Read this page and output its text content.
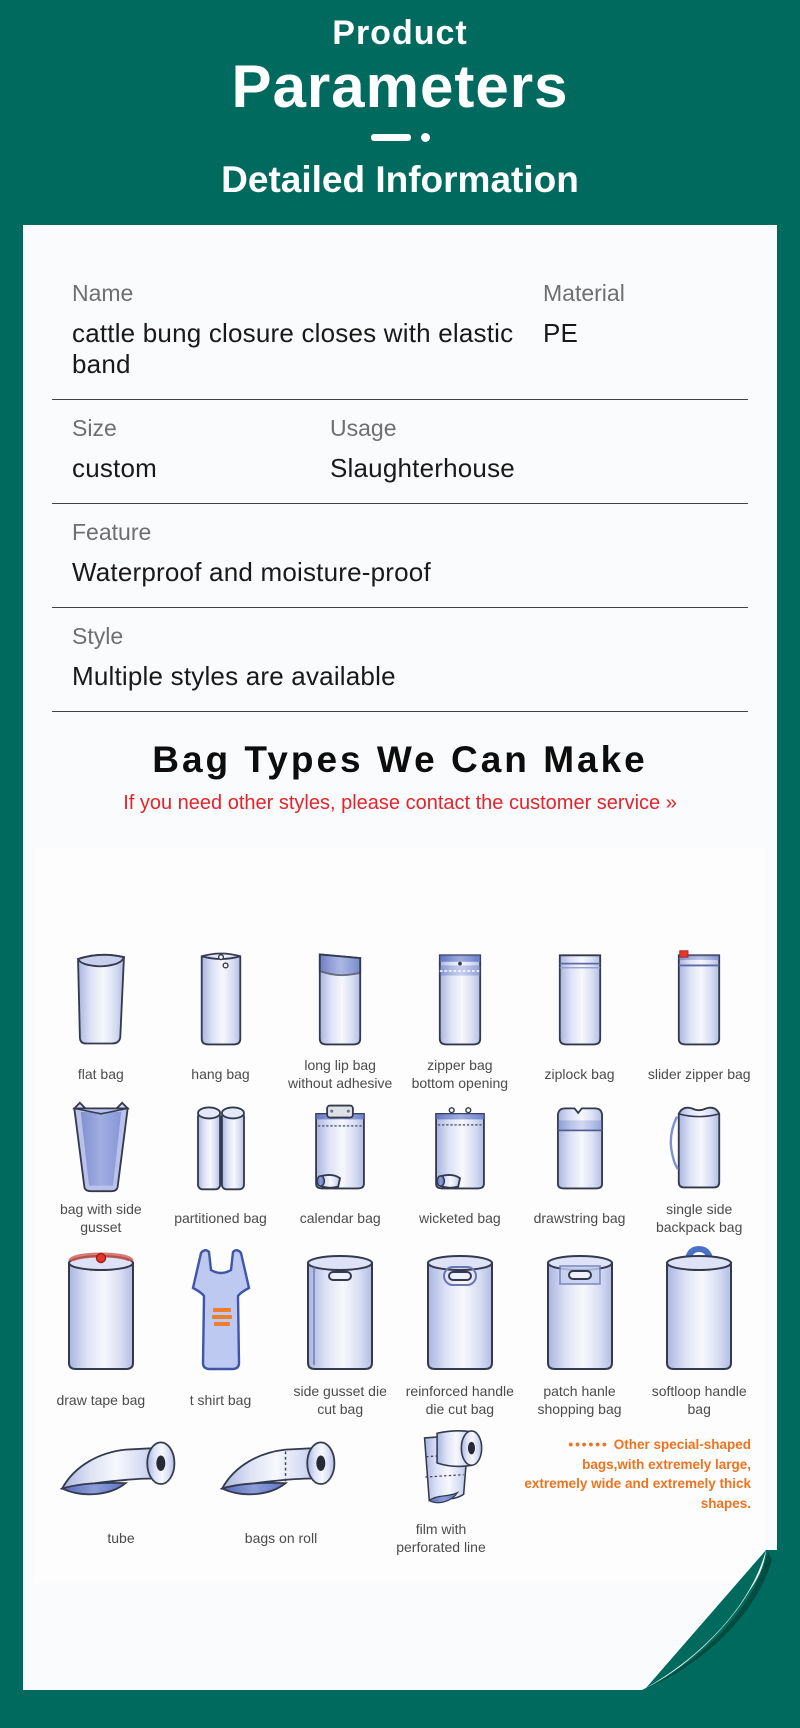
Product
Parameters
Detailed Information
Name
cattle bung closure closes with elastic band
Material
PE
Size
custom
Usage
Slaughterhouse
Feature
Waterproof and moisture-proof
Style
Multiple styles are available
Bag Types We Can Make

If you need other styles, please contact the customer service »

flat bag	hang bag
long lip bag without adhesive
zipper bag bottom opening
ziplock bag slider zipper bag
bag with side gusset
partitioned bag calendar bag	wicketed bag drawstring bag
single side backpack bag
draw tape bag	t shirt bag
side gusset die cut bag
reinforced handle die cut bag
patch hanle shopping bag
softloop handle bag
tube	bags on roll
film with perforated line
•••••• Other special-shaped bags,with extremely large, extremely wide and extremely thick shapes.
